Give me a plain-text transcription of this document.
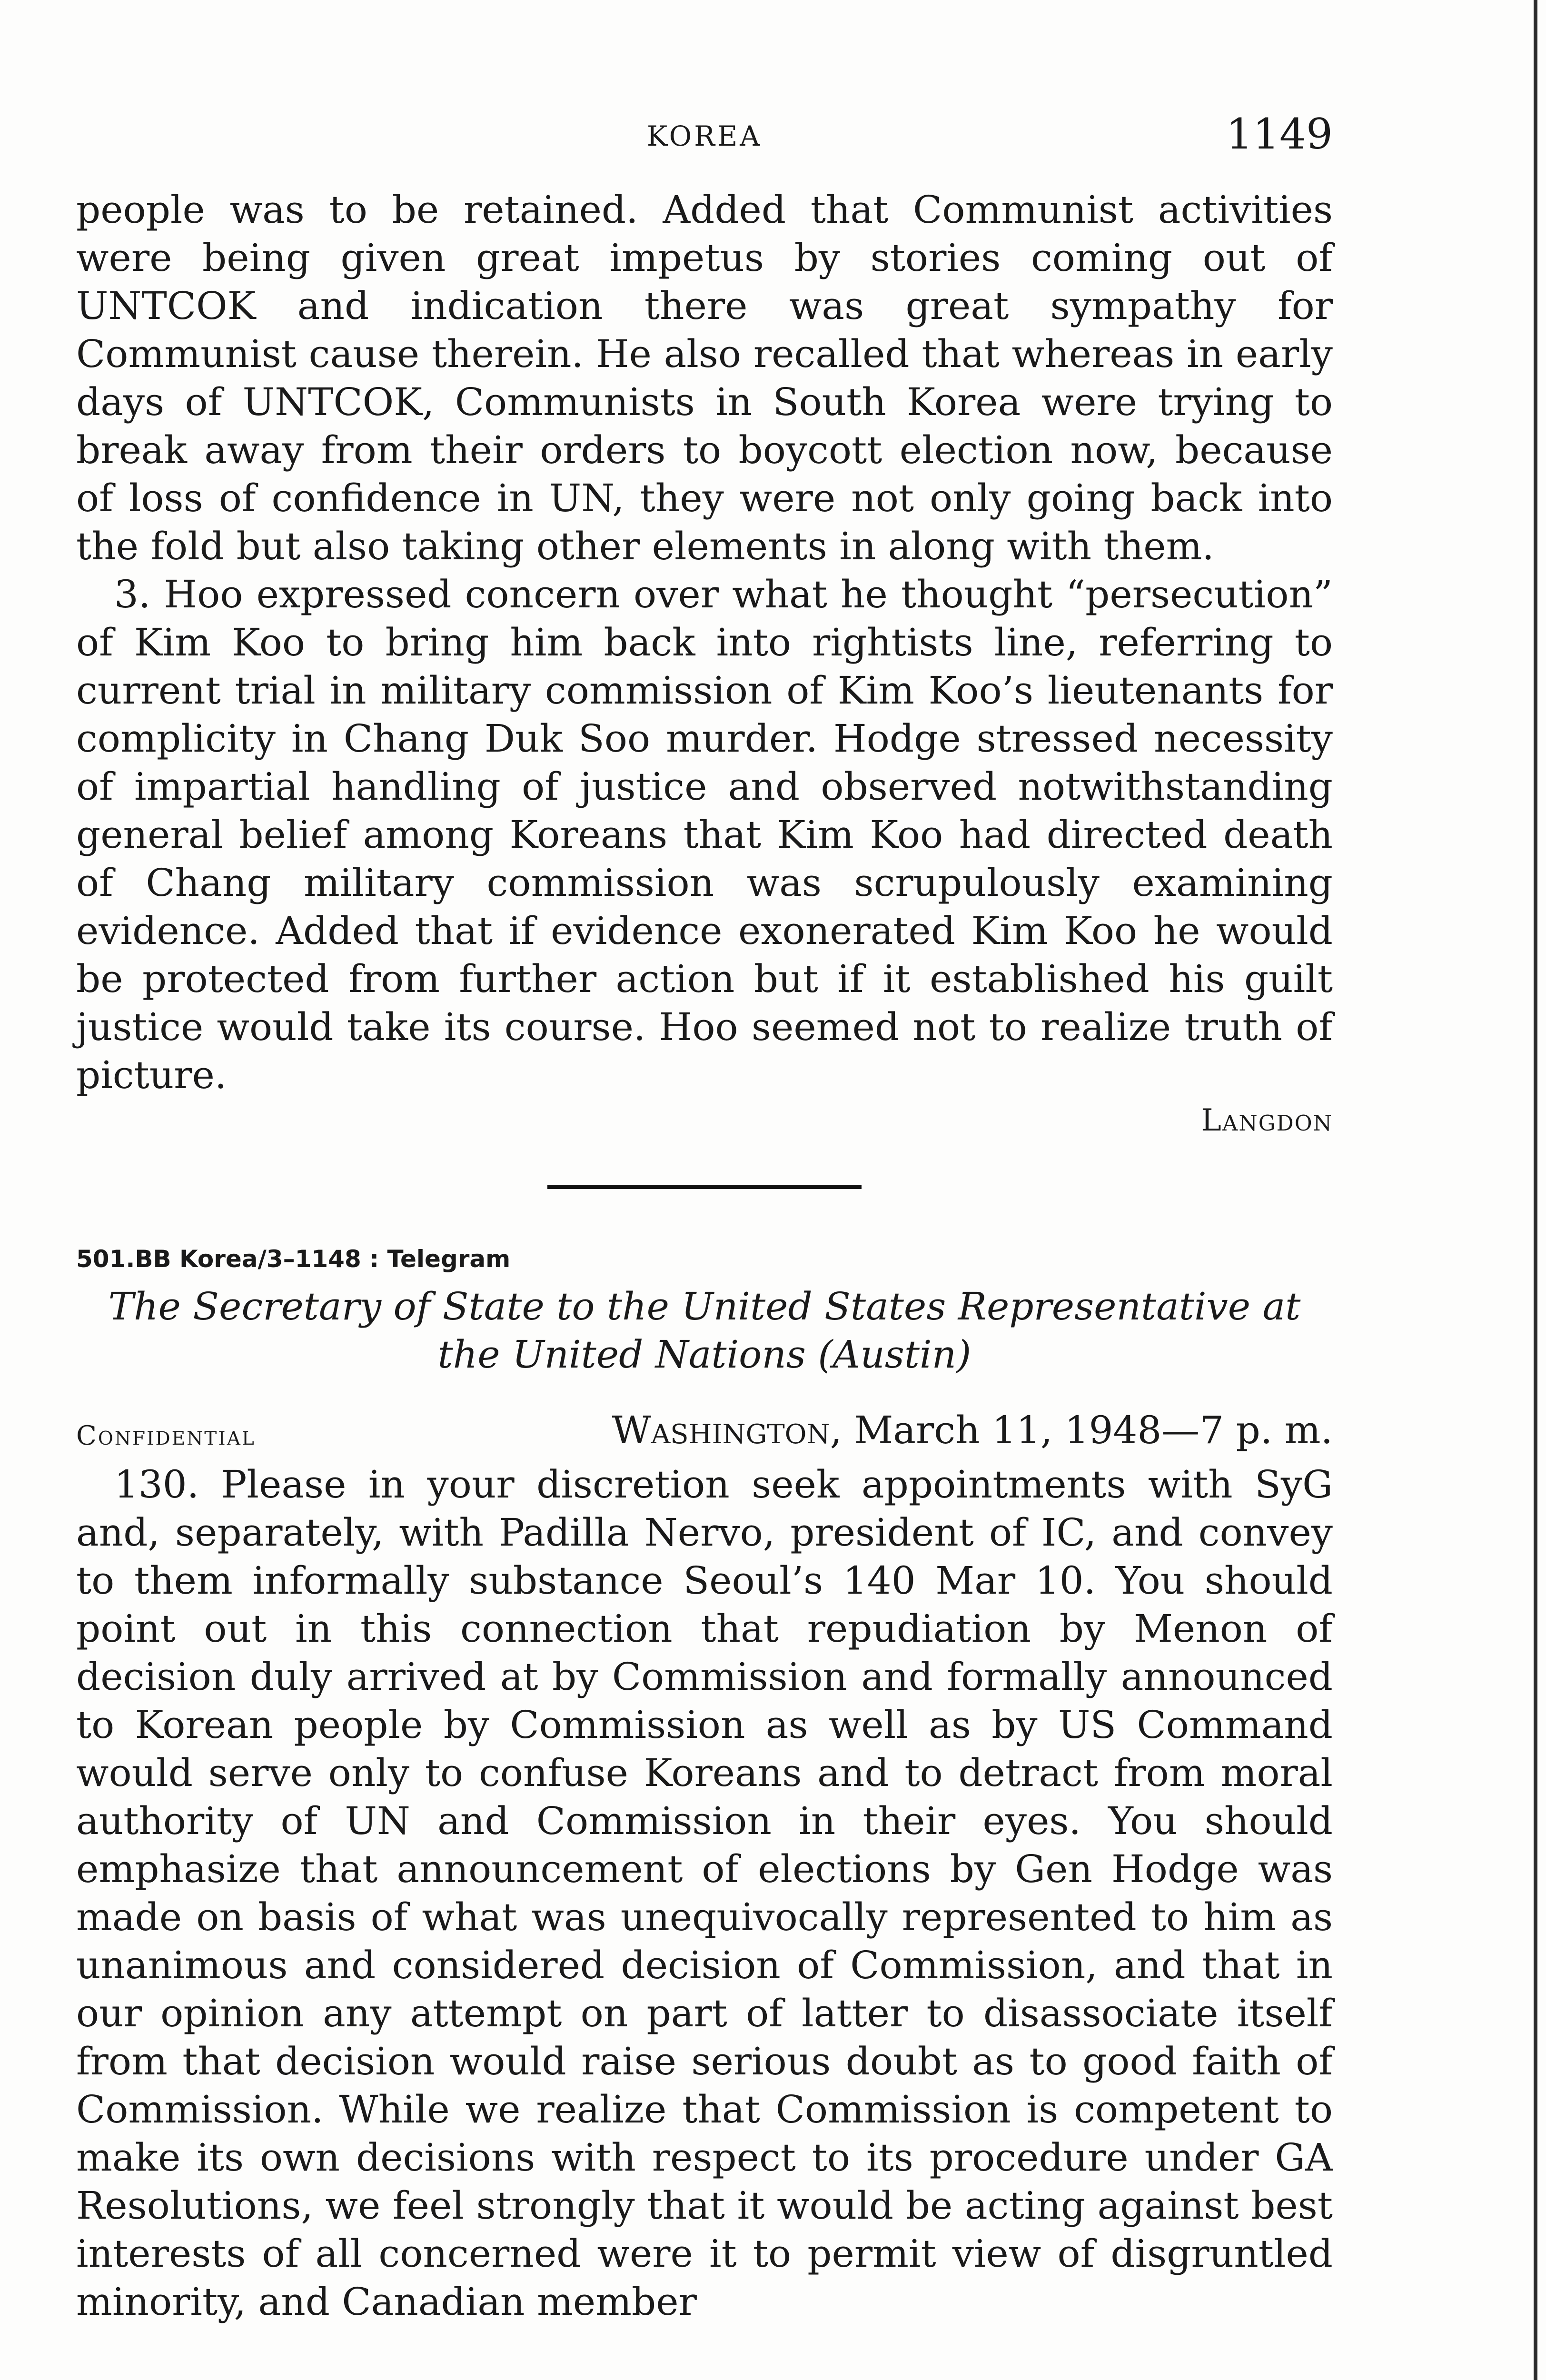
KOREA	1149

people was to be retained. Added that Communist activities were being given great impetus by stories coming out of UNTCOK and indication there was great sympathy for Communist cause therein. He also recalled that whereas in early days of UNTCOK, Communists in South Korea were trying to break away from their orders to boycott election now, because of loss of confidence in UN, they were not only going back into the fold but also taking other elements in along with them.

3. Hoo expressed concern over what he thought “persecution” of Kim Koo to bring him back into rightists line, referring to current trial in military commission of Kim Koo’s lieutenants for complicity in Chang Duk Soo murder. Hodge stressed necessity of impartial handling of justice and observed notwithstanding general belief among Koreans that Kim Koo had directed death of Chang military commission was scrupulously examining evidence. Added that if evidence exonerated Kim Koo he would be protected from further action but if it established his guilt justice would take its course. Hoo seemed not to realize truth of picture.

Langdon
501.BB Korea/3–1148 : Telegram
The Secretary of State to the United States Representative at the United Nations (Austin)
Confidential	Washington, March 11, 1948—7 p. m.

130. Please in your discretion seek appointments with SyG and, separately, with Padilla Nervo, president of IC, and convey to them informally substance Seoul’s 140 Mar 10. You should point out in this connection that repudiation by Menon of decision duly arrived at by Commission and formally announced to Korean people by Commission as well as by US Command would serve only to confuse Koreans and to detract from moral authority of UN and Commission in their eyes. You should emphasize that announcement of elections by Gen Hodge was made on basis of what was unequivocally represented to him as unanimous and considered decision of Commission, and that in our opinion any attempt on part of latter to disassociate itself from that decision would raise serious doubt as to good faith of Commission. While we realize that Commission is competent to make its own decisions with respect to its procedure under GA Resolutions, we feel strongly that it would be acting against best interests of all concerned were it to permit view of disgruntled minority, and Canadian member
